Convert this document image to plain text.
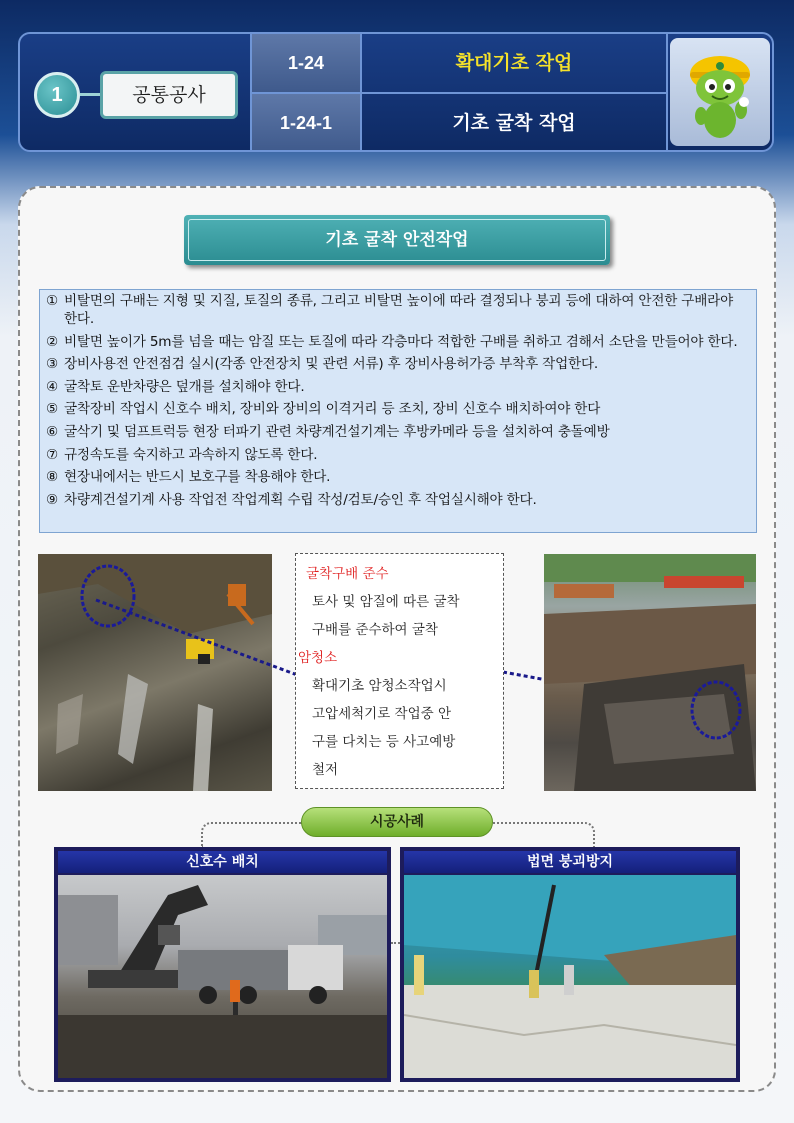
1	공통공사
1-24
1-24-1
확대기초 작업
기초 굴착 작업
기초 굴착 안전작업
① 비탈면의 구배는 지형 및 지질, 토질의 종류, 그리고 비탈면 높이에 따라 결정되나 붕괴 등에 대하여 안전한 구배라야 한다.
② 비탈면 높이가 5m를 넘을 때는 암질 또는 토질에 따라 각층마다 적합한 구배를 취하고 겸해서 소단을 만들어야 한다.
③ 장비사용전 안전점검 실시(각종 안전장치 및 관련 서류) 후 장비사용허가증 부착후 작업한다.
④ 굴착토 운반차량은 덮개를 설치해야 한다.
⑤ 굴착장비 작업시 신호수 배치, 장비와 장비의 이격거리 등 조치, 장비 신호수 배치하여야 한다
⑥ 굴삭기 및 덤프트럭등 현장 터파기 관련 차량계건설기계는 후방카메라 등을 설치하여 충돌예방
⑦ 규정속도를 숙지하고 과속하지 않도록 한다.
⑧ 현장내에서는 반드시 보호구를 착용해야 한다.
⑨ 차량계건설기계 사용 작업전 작업계획 수립 작성/검토/승인 후 작업실시해야 한다.
굴착구배 준수
토사 및 암질에 따른 굴착
구배를 준수하여 굴착
암청소
확대기초 암청소작업시
고압세척기로 작업중 안
구를 다치는 등 사고예방
철저
시공사례
신호수 배치	법면 붕괴방지
